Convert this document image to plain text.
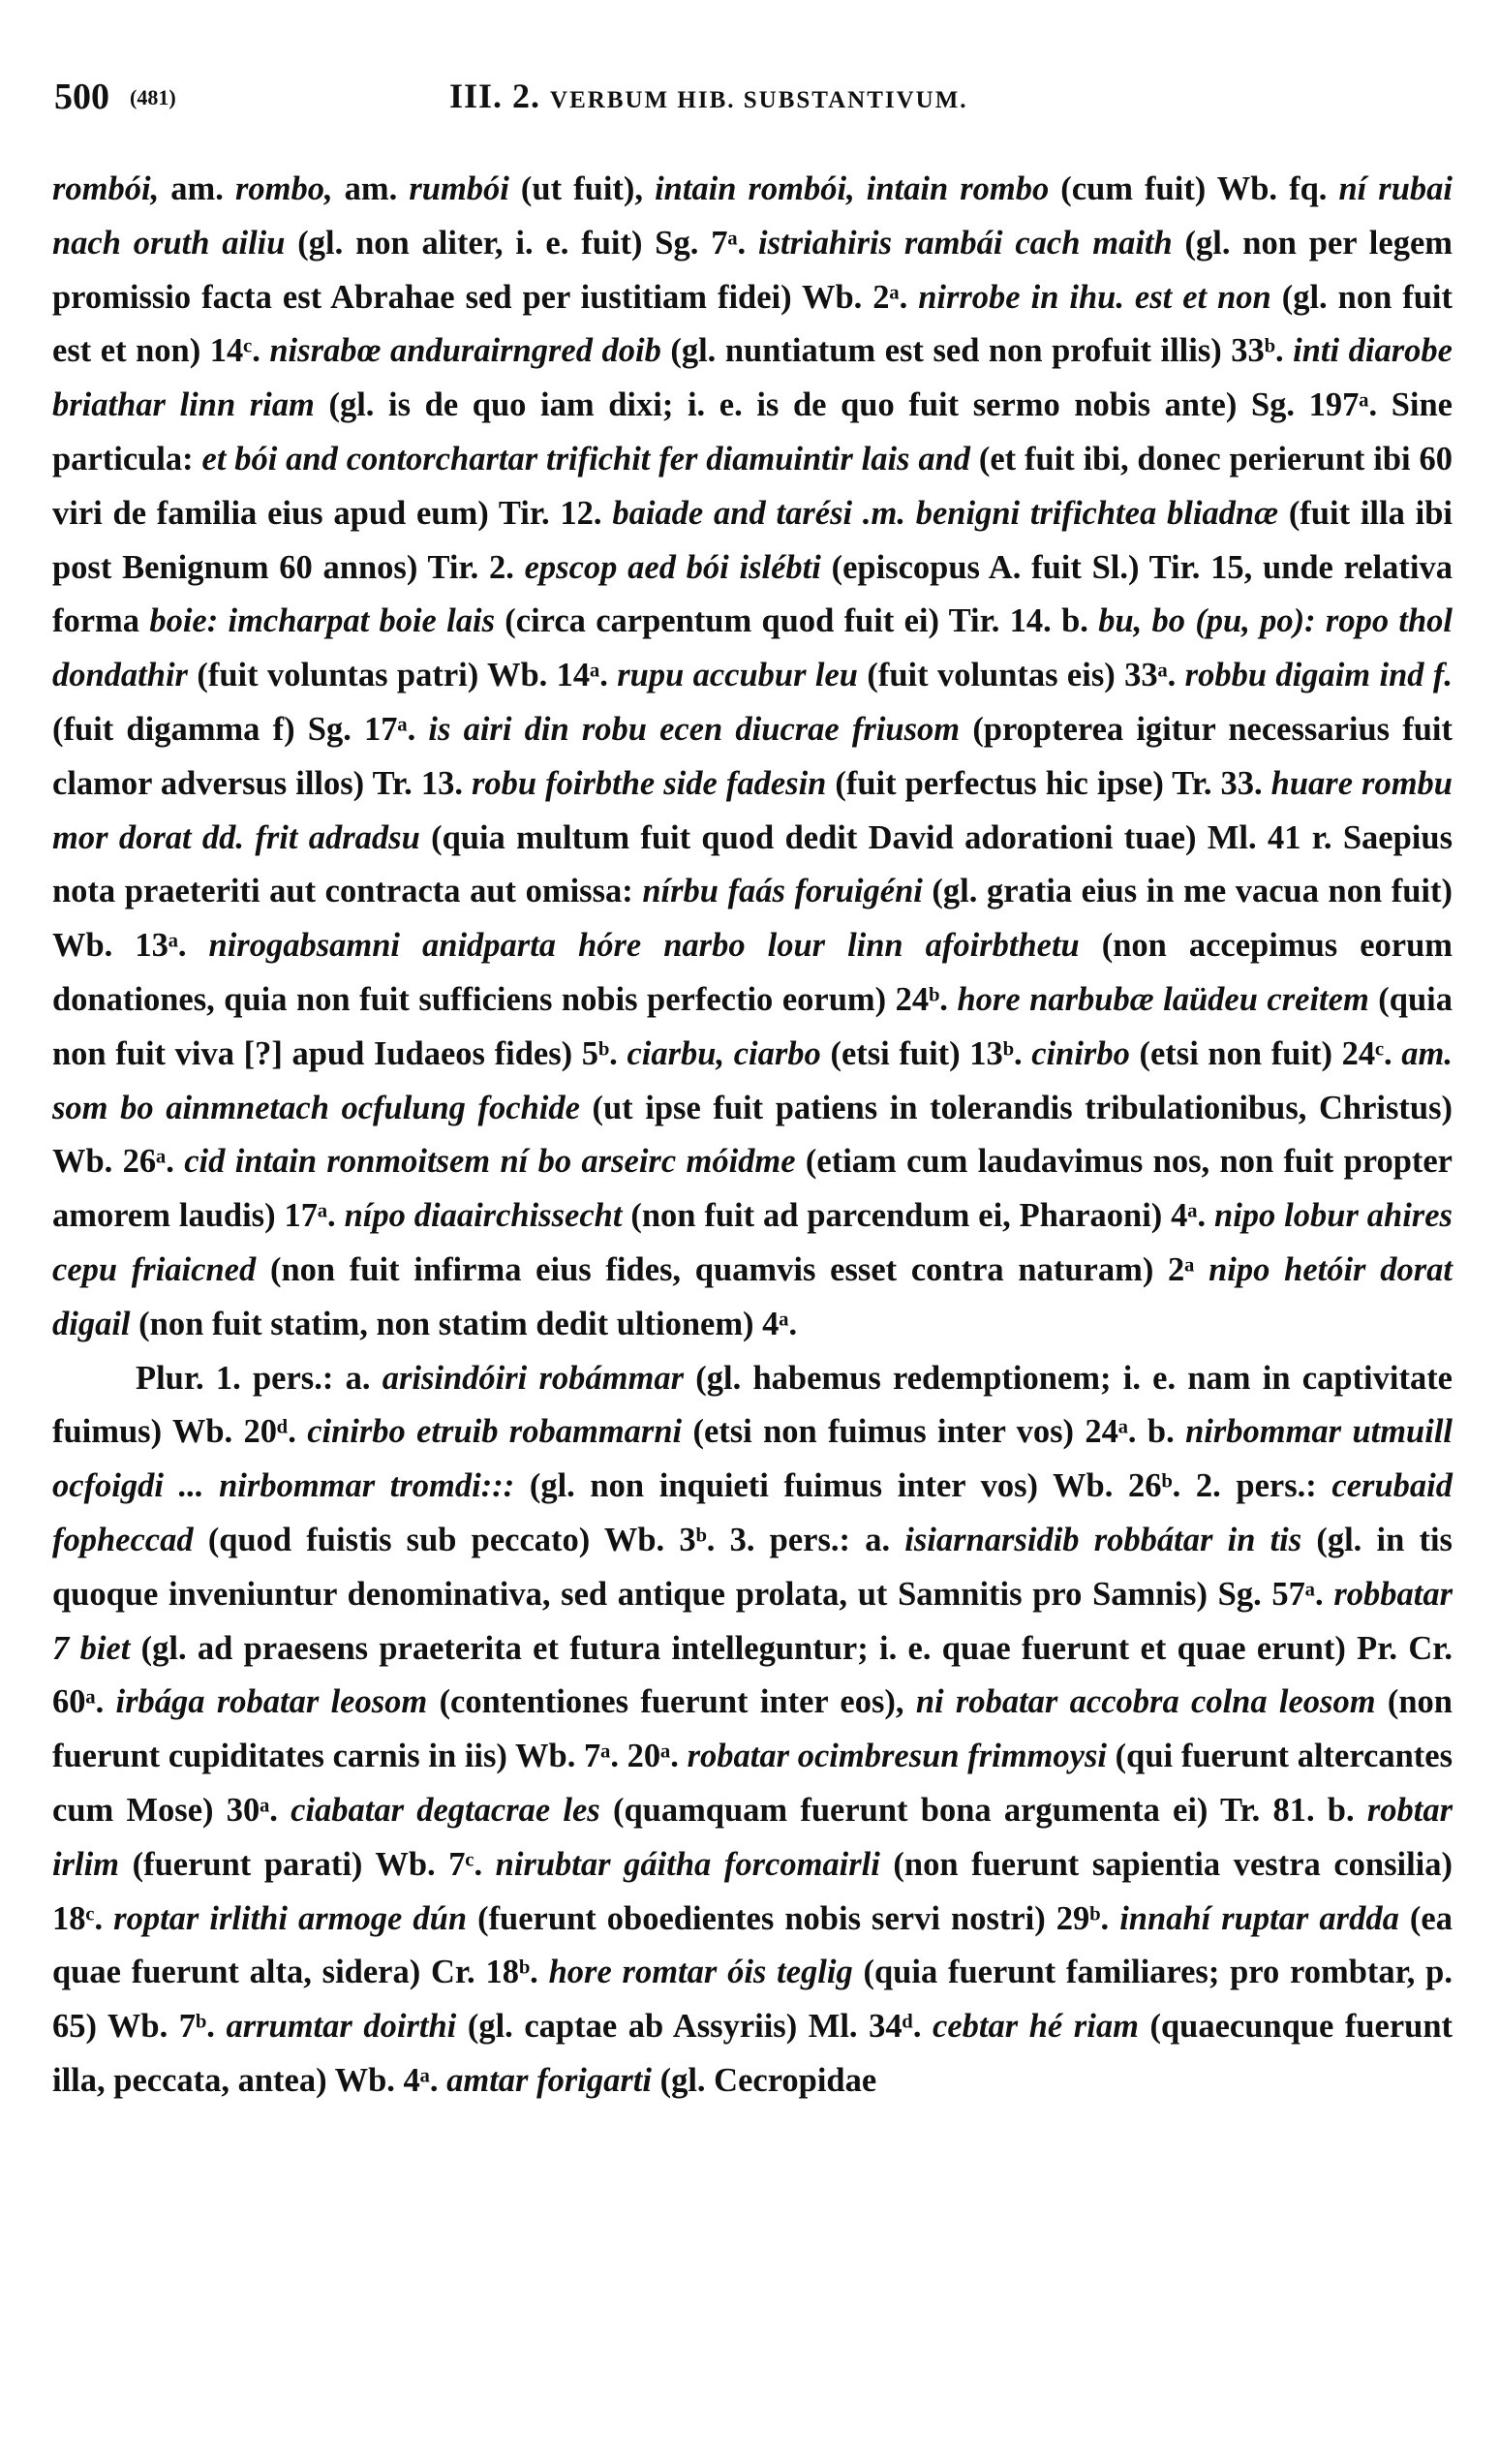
500 (481)	III. 2. VERBUM HIB. SUBSTANTIVUM.

rombói, am. rombo, am. rumbói (ut fuit), intain rombói, intain rombo (cum fuit) Wb. fq. ní rubai nach oruth ailiu (gl. non aliter, i. e. fuit) Sg. 7ᵃ. istriahiris rambái cach maith (gl. non per legem promissio facta est Abrahae sed per iustitiam fidei) Wb. 2ᵃ. nirrobe in ihu. est et non (gl. non fuit est et non) 14ᶜ. nisrabœ andurairngred doib (gl. nuntiatum est sed non profuit illis) 33ᵇ. inti diarobe briathar linn riam (gl. is de quo iam dixi; i. e. is de quo fuit sermo nobis ante) Sg. 197ᵃ. Sine particula: et bói and contorchartar trifichit fer diamuintir lais and (et fuit ibi, donec perierunt ibi 60 viri de familia eius apud eum) Tir. 12. baiade and tarési .m. benigni trifichtea bliadnæ (fuit illa ibi post Benignum 60 annos) Tir. 2. epscop aed bói islébti (episcopus A. fuit Sl.) Tir. 15, unde relativa forma boie: imcharpat boie lais (circa carpentum quod fuit ei) Tir. 14. b. bu, bo (pu, po): ropo thol dondathir (fuit voluntas patri) Wb. 14ᵃ. rupu accubur leu (fuit voluntas eis) 33ᵃ. robbu digaim ind f. (fuit digamma f) Sg. 17ᵃ. is airi din robu ecen diucrae friusom (propterea igitur necessarius fuit clamor adversus illos) Tr. 13. robu foirbthe side fadesin (fuit perfectus hic ipse) Tr. 33. huare rombu mor dorat dd. frit adradsu (quia multum fuit quod dedit David adorationi tuae) Ml. 41 r. Saepius nota praeteriti aut contracta aut omissa: nírbu faás foruigéni (gl. gratia eius in me vacua non fuit) Wb. 13ᵃ. nirogabsamni anidparta hóre narbo lour linn afoirbthetu (non accepimus eorum donationes, quia non fuit sufficiens nobis perfectio eorum) 24ᵇ. hore narbubæ laüdeu creitem (quia non fuit viva [?] apud Iudaeos fides) 5ᵇ. ciarbu, ciarbo (etsi fuit) 13ᵇ. cinirbo (etsi non fuit) 24ᶜ. am. som bo ainmnetach ocfulung fochide (ut ipse fuit patiens in tolerandis tribulationibus, Christus) Wb. 26ᵃ. cid intain ronmoitsem ní bo arseirc móidme (etiam cum laudavimus nos, non fuit propter amorem laudis) 17ᵃ. nípo diaairchissecht (non fuit ad parcendum ei, Pharaoni) 4ᵃ. nipo lobur ahires cepu friaicned (non fuit infirma eius fides, quamvis esset contra naturam) 2ᵃ nipo hetóir dorat digail (non fuit statim, non statim dedit ultionem) 4ᵃ.

Plur. 1. pers.: a. arisindóiri robámmar (gl. habemus redemptionem; i. e. nam in captivitate fuimus) Wb. 20ᵈ. cinirbo etruib robammarni (etsi non fuimus inter vos) 24ᵃ. b. nirbommar utmuill ocfoigdi ... nirbommar tromdi::: (gl. non inquieti fuimus inter vos) Wb. 26ᵇ. 2. pers.: cerubaid fopheccad (quod fuistis sub peccato) Wb. 3ᵇ. 3. pers.: a. isiarnarsidib robbátar in tis (gl. in tis quoque inveniuntur denominativa, sed antique prolata, ut Samnitis pro Samnis) Sg. 57ᵃ. robbatar 7 biet (gl. ad praesens praeterita et futura intelleguntur; i. e. quae fuerunt et quae erunt) Pr. Cr. 60ᵃ. irbága robatar leosom (contentiones fuerunt inter eos), ni robatar accobra colna leosom (non fuerunt cupiditates carnis in iis) Wb. 7ᵃ. 20ᵃ. robatar ocimbresun frimmoysi (qui fuerunt altercantes cum Mose) 30ᵃ. ciabatar degtacrae les (quamquam fuerunt bona argumenta ei) Tr. 81. b. robtar irlim (fuerunt parati) Wb. 7ᶜ. nirubtar gáitha forcomairli (non fuerunt sapientia vestra consilia) 18ᶜ. roptar irlithi armoge dún (fuerunt oboedientes nobis servi nostri) 29ᵇ. innahí ruptar ardda (ea quae fuerunt alta, sidera) Cr. 18ᵇ. hore romtar óis teglig (quia fuerunt familiares; pro rombtar, p. 65) Wb. 7ᵇ. arrumtar doirthi (gl. captae ab Assyriis) Ml. 34ᵈ. cebtar hé riam (quaecunque fuerunt illa, peccata, antea) Wb. 4ᵃ. amtar forigarti (gl. Cecropidae
